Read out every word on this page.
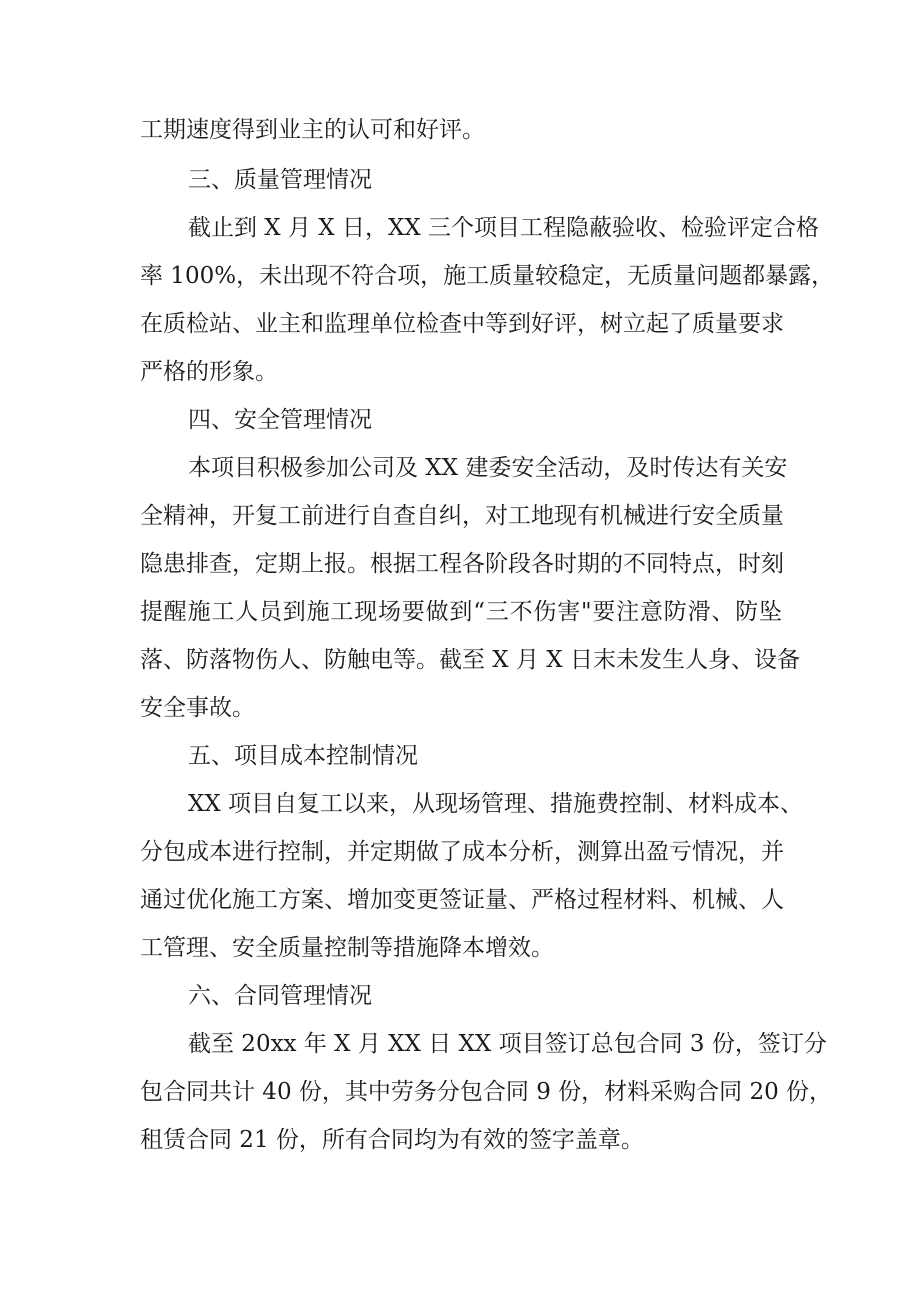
工期速度得到业主的认可和好评。
三、质量管理情况
截止到 X 月 X 日，XX 三个项目工程隐蔽验收、检验评定合格
率 100%，未出现不符合项，施工质量较稳定，无质量问题都暴露，
在质检站、业主和监理单位检查中等到好评，树立起了质量要求
严格的形象。
四、安全管理情况
本项目积极参加公司及 XX 建委安全活动，及时传达有关安
全精神，开复工前进行自查自纠，对工地现有机械进行安全质量
隐患排查，定期上报。根据工程各阶段各时期的不同特点，时刻
提醒施工人员到施工现场要做到“三不伤害"要注意防滑、防坠
落、防落物伤人、防触电等。截至 X 月 X 日末未发生人身、设备
安全事故。
五、项目成本控制情况
XX 项目自复工以来，从现场管理、措施费控制、材料成本、
分包成本进行控制，并定期做了成本分析，测算出盈亏情况，并
通过优化施工方案、增加变更签证量、严格过程材料、机械、人
工管理、安全质量控制等措施降本增效。
六、合同管理情况
截至 20xx 年 X 月 XX 日 XX 项目签订总包合同 3 份，签订分
包合同共计 40 份，其中劳务分包合同 9 份，材料采购合同 20 份，
租赁合同 21 份，所有合同均为有效的签字盖章。
